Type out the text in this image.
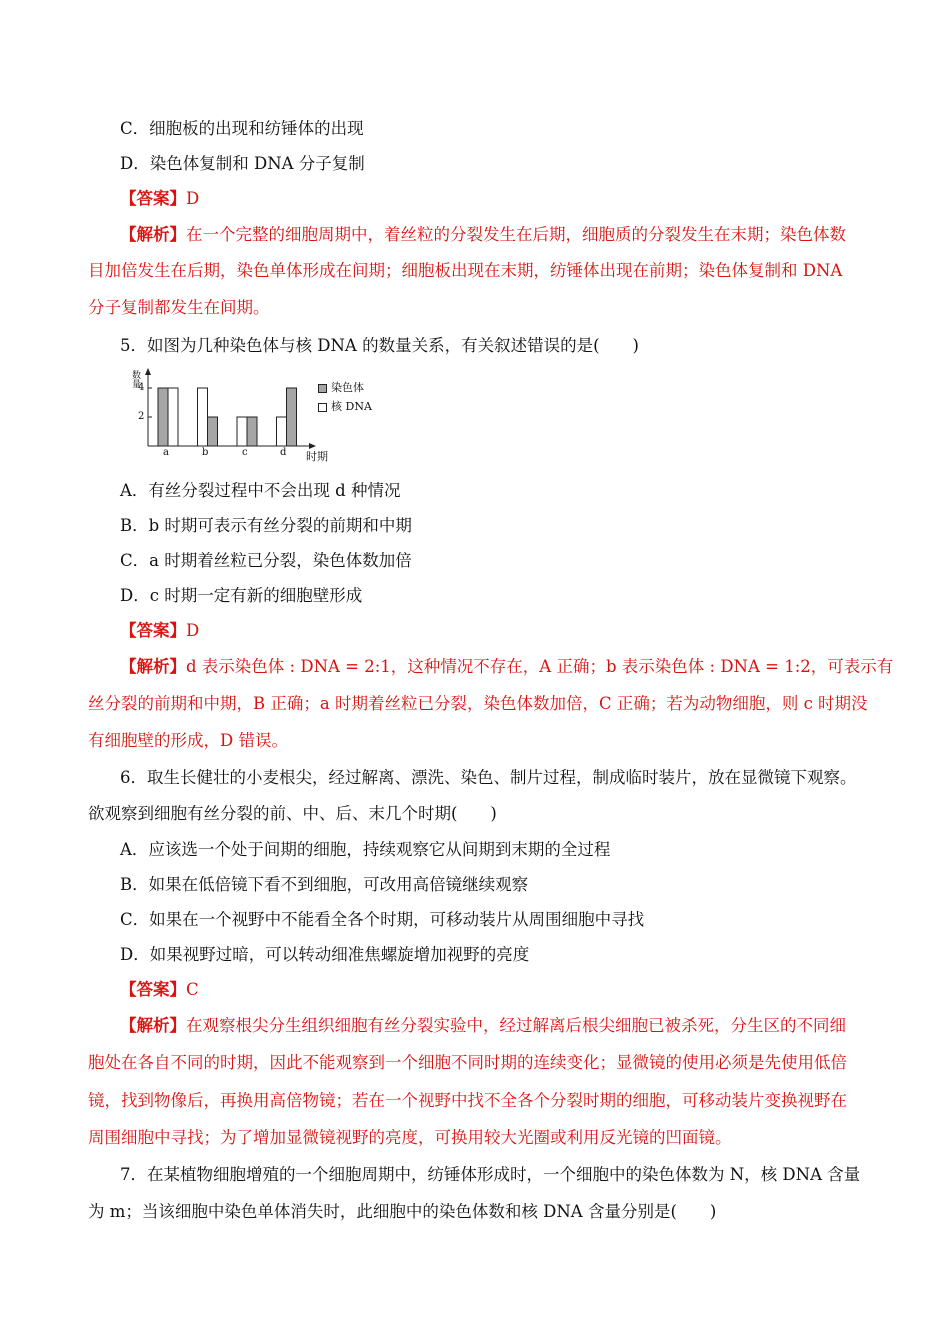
C．细胞板的出现和纺锤体的出现
D．染色体复制和 DNA 分子复制
【答案】D
【解析】在一个完整的细胞周期中，着丝粒的分裂发生在后期，细胞质的分裂发生在末期；染色体数
目加倍发生在后期，染色单体形成在间期；细胞板出现在末期，纺锤体出现在前期；染色体复制和 DNA
分子复制都发生在间期。
5．如图为几种染色体与核 DNA 的数量关系，有关叙述错误的是(　　)
数量
4
2
a	b	c	d 时期
染色体
核 DNA
A．有丝分裂过程中不会出现 d 种情况
B．b 时期可表示有丝分裂的前期和中期
C．a 时期着丝粒已分裂，染色体数加倍
D．c 时期一定有新的细胞壁形成
【答案】D
【解析】d 表示染色体 : DNA = 2:1，这种情况不存在，A 正确；b 表示染色体 : DNA = 1:2，可表示有
丝分裂的前期和中期，B 正确；a 时期着丝粒已分裂，染色体数加倍，C 正确；若为动物细胞，则 c 时期没
有细胞壁的形成，D 错误。
6．取生长健壮的小麦根尖，经过解离、漂洗、染色、制片过程，制成临时装片，放在显微镜下观察。
欲观察到细胞有丝分裂的前、中、后、末几个时期(　　)
A．应该选一个处于间期的细胞，持续观察它从间期到末期的全过程
B．如果在低倍镜下看不到细胞，可改用高倍镜继续观察
C．如果在一个视野中不能看全各个时期，可移动装片从周围细胞中寻找
D．如果视野过暗，可以转动细准焦螺旋增加视野的亮度
【答案】C
【解析】在观察根尖分生组织细胞有丝分裂实验中，经过解离后根尖细胞已被杀死，分生区的不同细
胞处在各自不同的时期，因此不能观察到一个细胞不同时期的连续变化；显微镜的使用必须是先使用低倍
镜，找到物像后，再换用高倍物镜；若在一个视野中找不全各个分裂时期的细胞，可移动装片变换视野在
周围细胞中寻找；为了增加显微镜视野的亮度，可换用较大光圈或利用反光镜的凹面镜。
7．在某植物细胞增殖的一个细胞周期中，纺锤体形成时，一个细胞中的染色体数为 N，核 DNA 含量
为 m；当该细胞中染色单体消失时，此细胞中的染色体数和核 DNA 含量分别是(　　)
